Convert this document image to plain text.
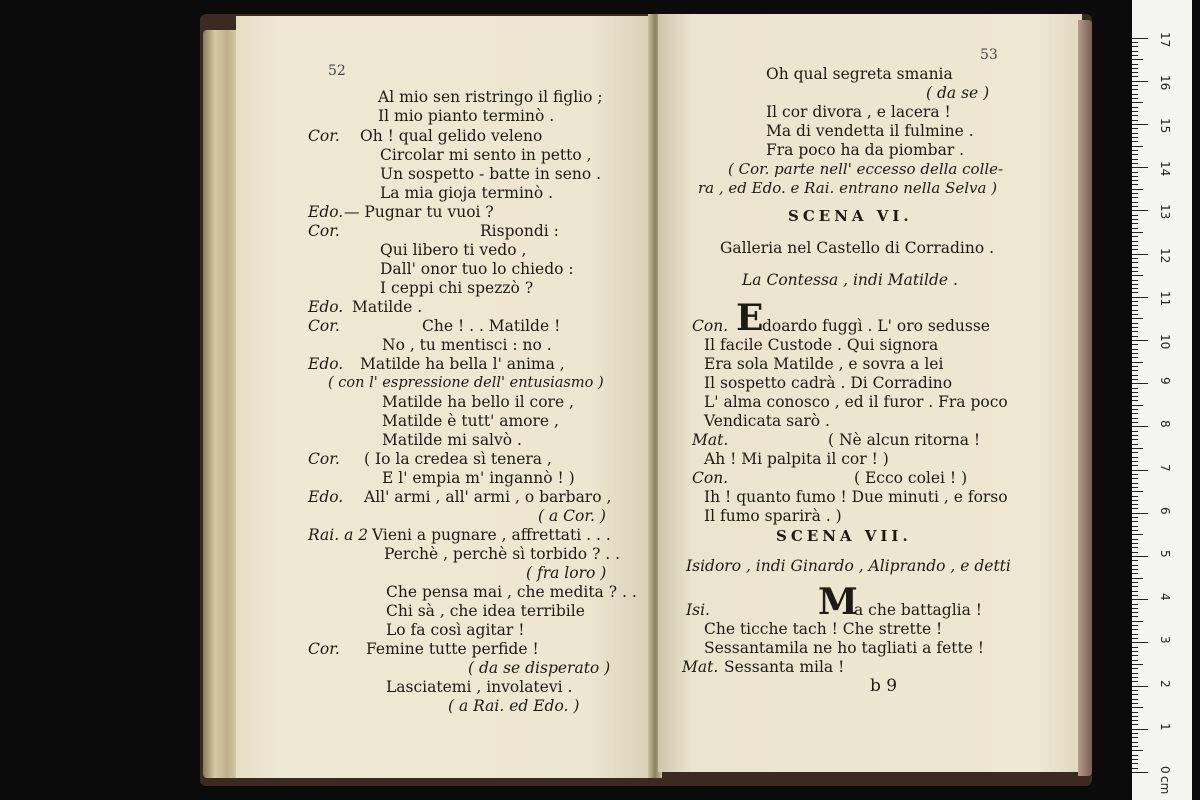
52
Al mio sen ristringo il figlio ;
Il mio pianto terminò .
Cor. Oh ! qual gelido veleno
Circolar mi sento in petto ,
Un sospetto - batte in seno .
La mia gioja terminò .
Edo. — Pugnar tu vuoi ?
Cor.	Rispondi :
Qui libero ti vedo ,
Dall' onor tuo lo chiedo :
I ceppi chi spezzò ?
Edo. Matilde .
Cor.	Che ! . . Matilde !
No , tu mentisci : no .
Edo. Matilde ha bella l' anima ,
( con l' espressione dell' entusiasmo )
Matilde ha bello il core ,
Matilde è tutt' amore ,
Matilde mi salvò .
Cor. ( Io la credea sì tenera ,
E l' empia m' ingannò ! )
Edo. All' armi , all' armi , o barbaro ,
( a Cor. )
Rai. a 2 Vieni a pugnare , affrettati . . .
Perchè , perchè sì torbido ? . .
( fra loro )
Che pensa mai , che medita ? . .
Chi sà , che idea terribile
Lo fa così agitar !
Cor. Femine tutte perfide !
( da se disperato )
Lasciatemi , involatevi .
( a Rai. ed Edo. )
53
Oh qual segreta smania
( da se )
Il cor divora , e lacera !
Ma di vendetta il fulmine .
Fra poco ha da piombar .
( Cor. parte nell' eccesso della colle-
ra , ed Edo. e Rai. entrano nella Selva )
SCENA VI.
Galleria nel Castello di Corradino .
La Contessa , indi Matilde .
Con. E
doardo fuggì . L' oro sedusse
Il facile Custode . Qui signora
Era sola Matilde , e sovra a lei
Il sospetto cadrà . Di Corradino
L' alma conosco , ed il furor . Fra poco
Vendicata sarò .
Mat.	( Nè alcun ritorna !
Ah ! Mi palpita il cor ! )
Con.	( Ecco colei ! )
Ih ! quanto fumo ! Due minuti , e forso
Il fumo sparirà . )
SCENA VII.
Isidoro , indi Ginardo , Aliprando , e detti
Isi.	M
a che battaglia !
Che ticche tach ! Che strette !
Sessantamila ne ho tagliati a fette !
Mat. Sessanta mila !
b 9
0
1
2
3
4
5
6
7
8
9
10
11
12
13
14
15
16
17
cm
